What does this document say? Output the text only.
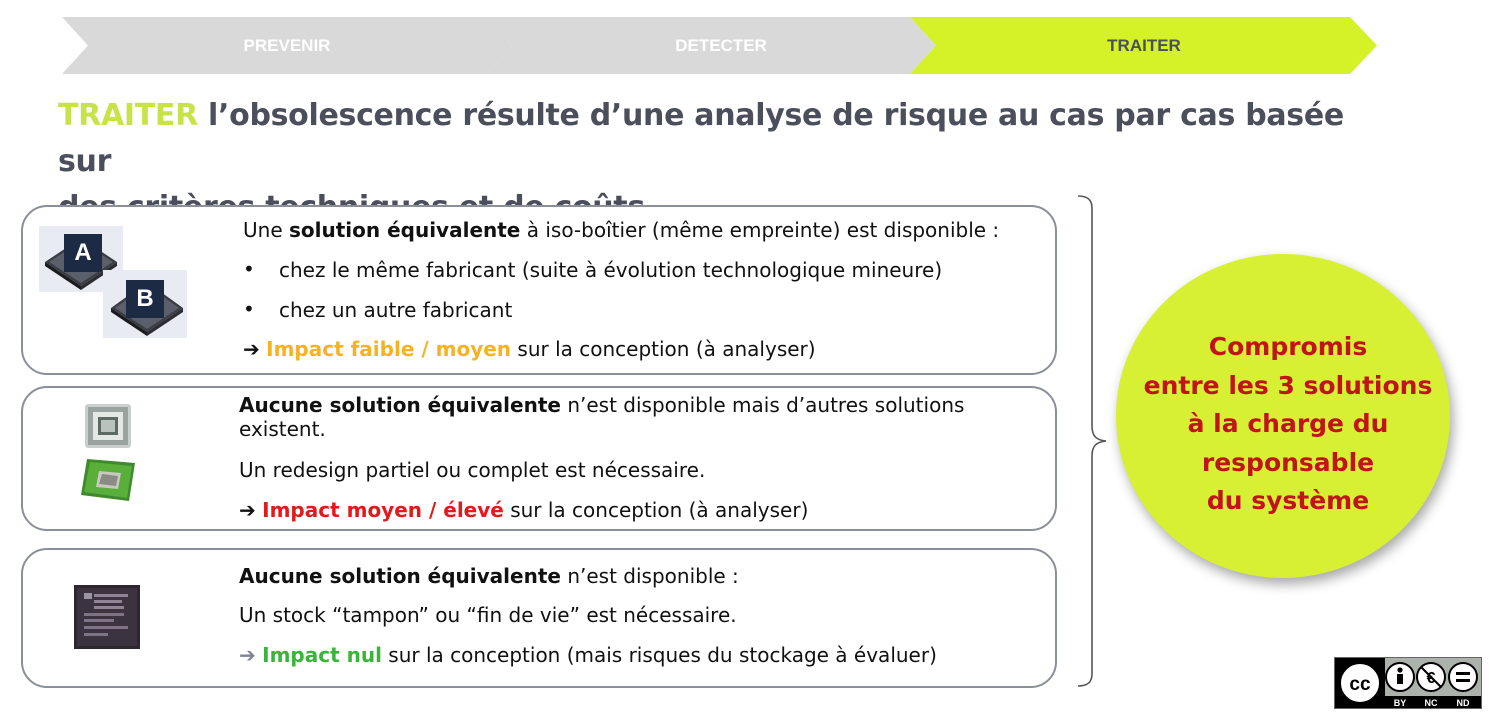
PREVENIR	DETECTER	TRAITER
TRAITER l’obsolescence résulte d’une analyse de risque au cas par cas basée sur
A
B
Une solution équivalente à iso-boîtier (même empreinte) est disponible :
• chez le même fabricant (suite à évolution technologique mineure)
• chez un autre fabricant
➔ Impact faible / moyen sur la conception (à analyser)
Aucune solution équivalente n’est disponible mais d’autres solutions
existent.
Un redesign partiel ou complet est nécessaire.
➔ Impact moyen / élevé sur la conception (à analyser)
Aucune solution équivalente n’est disponible :
Un stock “tampon” ou “fin de vie” est nécessaire.
➔ Impact nul sur la conception (mais risques du stockage à évaluer)
Compromis
entre les 3 solutions
à la charge du
responsable
du système
cc	€
BY NC ND
